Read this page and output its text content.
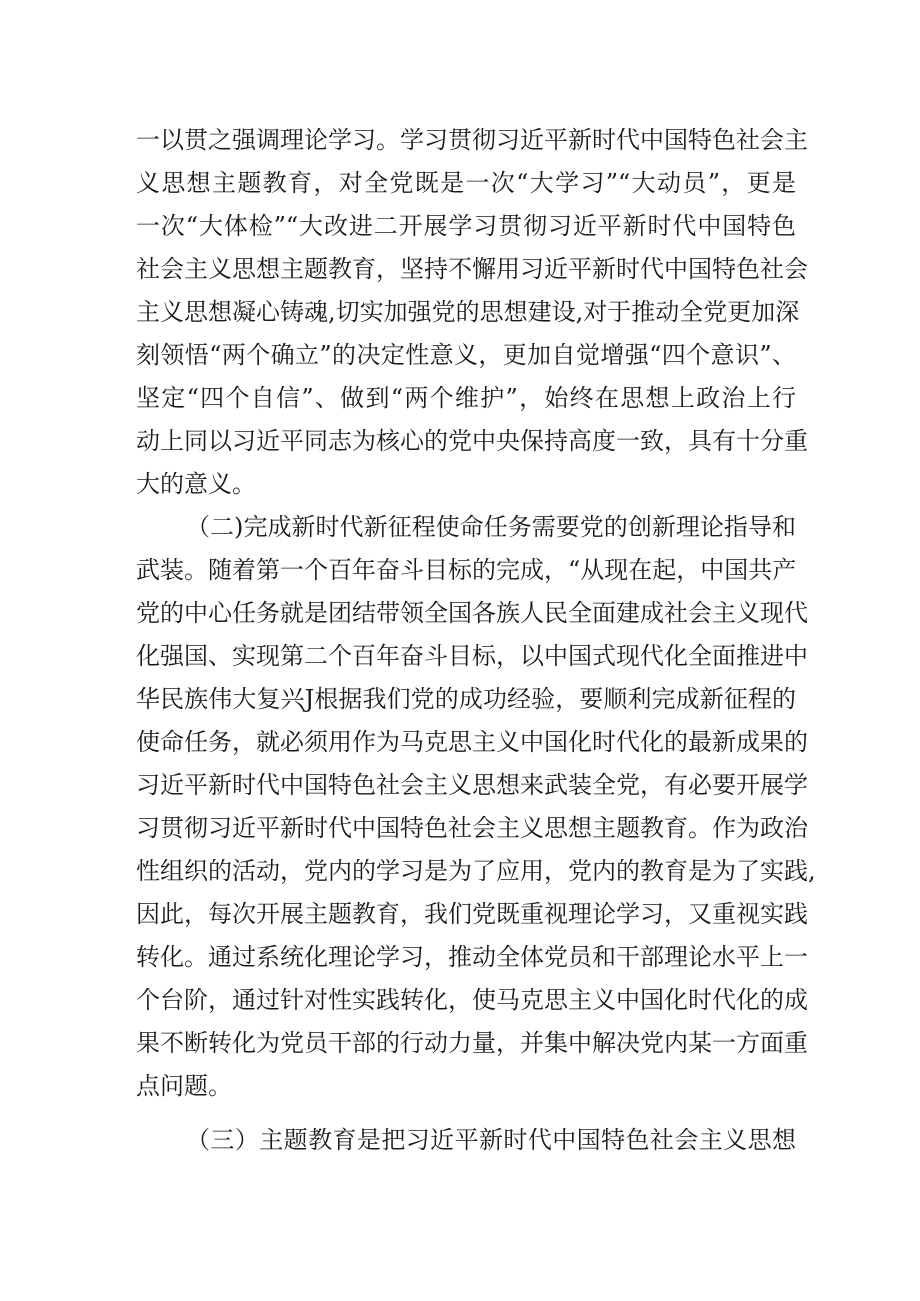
一以贯之强调理论学习。学习贯彻习近平新时代中国特色社会主
义思想主题教育，对全党既是一次“大学习”“大动员”，更是
一次“大体检”“大改进二开展学习贯彻习近平新时代中国特色
社会主义思想主题教育，坚持不懈用习近平新时代中国特色社会
主义思想凝心铸魂,切实加强党的思想建设,对于推动全党更加深
刻领悟“两个确立”的决定性意义，更加自觉增强“四个意识”、
坚定“四个自信”、做到“两个维护”，始终在思想上政治上行
动上同以习近平同志为核心的党中央保持高度一致，具有十分重
大的意义。
（二)完成新时代新征程使命任务需要党的创新理论指导和
武装。随着第一个百年奋斗目标的完成，“从现在起，中国共产
党的中心任务就是团结带领全国各族人民全面建成社会主义现代
化强国、实现第二个百年奋斗目标，以中国式现代化全面推进中
华民族伟大复兴J根据我们党的成功经验，要顺利完成新征程的
使命任务，就必须用作为马克思主义中国化时代化的最新成果的
习近平新时代中国特色社会主义思想来武装全党，有必要开展学
习贯彻习近平新时代中国特色社会主义思想主题教育。作为政治
性组织的活动，党内的学习是为了应用，党内的教育是为了实践,
因此，每次开展主题教育，我们党既重视理论学习，又重视实践
转化。通过系统化理论学习，推动全体党员和干部理论水平上一
个台阶，通过针对性实践转化，使马克思主义中国化时代化的成
果不断转化为党员干部的行动力量，并集中解决党内某一方面重
点问题。
（三）主题教育是把习近平新时代中国特色社会主义思想
